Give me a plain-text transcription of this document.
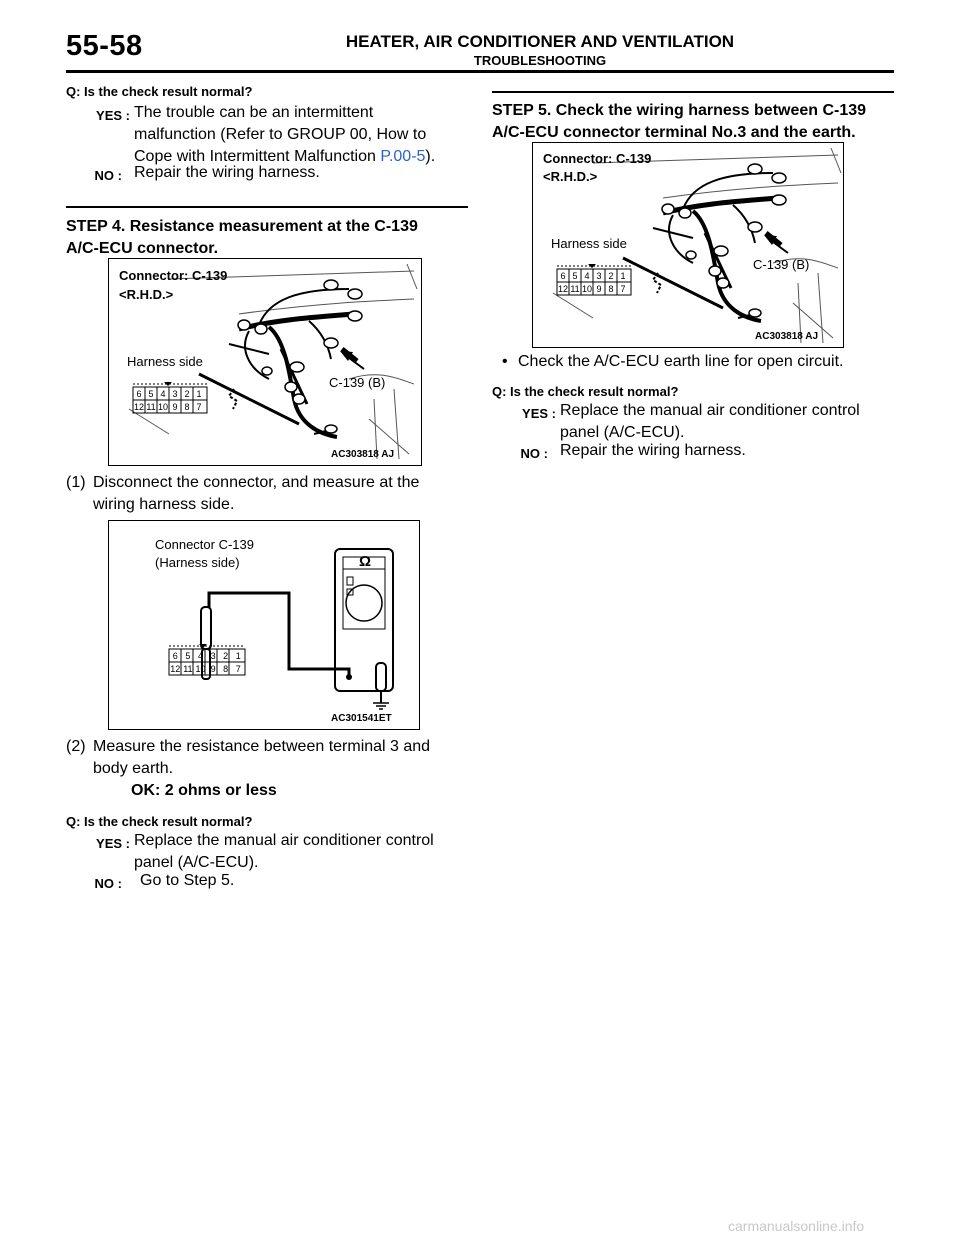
55-58	HEATER, AIR CONDITIONER AND VENTILATION
TROUBLESHOOTING
Q: Is the check result normal?
YES : The trouble can be an intermittent
malfunction (Refer to GROUP 00, How to
Cope with Intermittent Malfunction P.00-5).
NO : Repair the wiring harness.
STEP 4. Resistance measurement at the C-139
A/C-ECU connector.
Connector: C-139
<R.H.D.>
Harness side
C-139 (B)
AC303818 AJ
6 5 4 3 2 1
12 11 10 9 8 7
(1) Disconnect the connector, and measure at the
wiring harness side.
Ω
Connector C-139
(Harness side)
AC301541ET
6 5 4 3 2 1
12 11 10 9 8 7
(2) Measure the resistance between terminal 3 and
body earth.
OK: 2 ohms or less
Q: Is the check result normal?
YES : Replace the manual air conditioner control
panel (A/C-ECU).
NO : Go to Step 5.
STEP 5. Check the wiring harness between C-139
A/C-ECU connector terminal No.3 and the earth.
Connector: C-139
<R.H.D.>
Harness side
C-139 (B)
AC303818 AJ
6 5 4 3 2 1
12 11 10 9 8 7
• Check the A/C-ECU earth line for open circuit.
Q: Is the check result normal?
YES : Replace the manual air conditioner control
panel (A/C-ECU).
NO : Repair the wiring harness.
carmanualsonline.info
